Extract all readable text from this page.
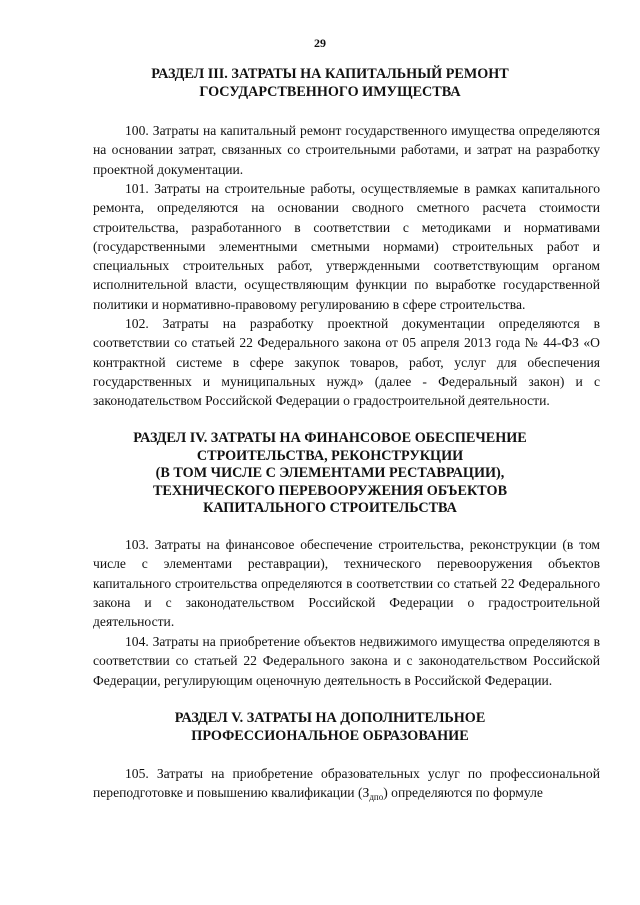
29
РАЗДЕЛ III. ЗАТРАТЫ НА КАПИТАЛЬНЫЙ РЕМОНТ
ГОСУДАРСТВЕННОГО ИМУЩЕСТВА
100. Затраты на капитальный ремонт государственного имущества определяются на основании затрат, связанных со строительными работами, и затрат на разработку проектной документации.
101. Затраты на строительные работы, осуществляемые в рамках капитального ремонта, определяются на основании сводного сметного расчета стоимости строительства, разработанного в соответствии с методиками и нормативами (государственными элементными сметными нормами) строительных работ и специальных строительных работ, утвержденными соответствующим органом исполнительной власти, осуществляющим функции по выработке государственной политики и нормативно-правовому регулированию в сфере строительства.
102. Затраты на разработку проектной документации определяются в соответствии со статьей 22 Федерального закона от 05 апреля 2013 года № 44-ФЗ «О контрактной системе в сфере закупок товаров, работ, услуг для обеспечения государственных и муниципальных нужд» (далее - Федеральный закон) и с законодательством Российской Федерации о градостроительной деятельности.
РАЗДЕЛ IV. ЗАТРАТЫ НА ФИНАНСОВОЕ ОБЕСПЕЧЕНИЕ
СТРОИТЕЛЬСТВА, РЕКОНСТРУКЦИИ
(В ТОМ ЧИСЛЕ С ЭЛЕМЕНТАМИ РЕСТАВРАЦИИ),
ТЕХНИЧЕСКОГО ПЕРЕВООРУЖЕНИЯ ОБЪЕКТОВ
КАПИТАЛЬНОГО СТРОИТЕЛЬСТВА
103. Затраты на финансовое обеспечение строительства, реконструкции (в том числе с элементами реставрации), технического перевооружения объектов капитального строительства определяются в соответствии со статьей 22 Федерального закона и с законодательством Российской Федерации о градостроительной деятельности.
104. Затраты на приобретение объектов недвижимого имущества определяются в соответствии со статьей 22 Федерального закона и с законодательством Российской Федерации, регулирующим оценочную деятельность в Российской Федерации.
РАЗДЕЛ V. ЗАТРАТЫ НА ДОПОЛНИТЕЛЬНОЕ
ПРОФЕССИОНАЛЬНОЕ ОБРАЗОВАНИЕ
105. Затраты на приобретение образовательных услуг по профессиональной переподготовке и повышению квалификации $(З_{дпо})$ определяются по формуле
